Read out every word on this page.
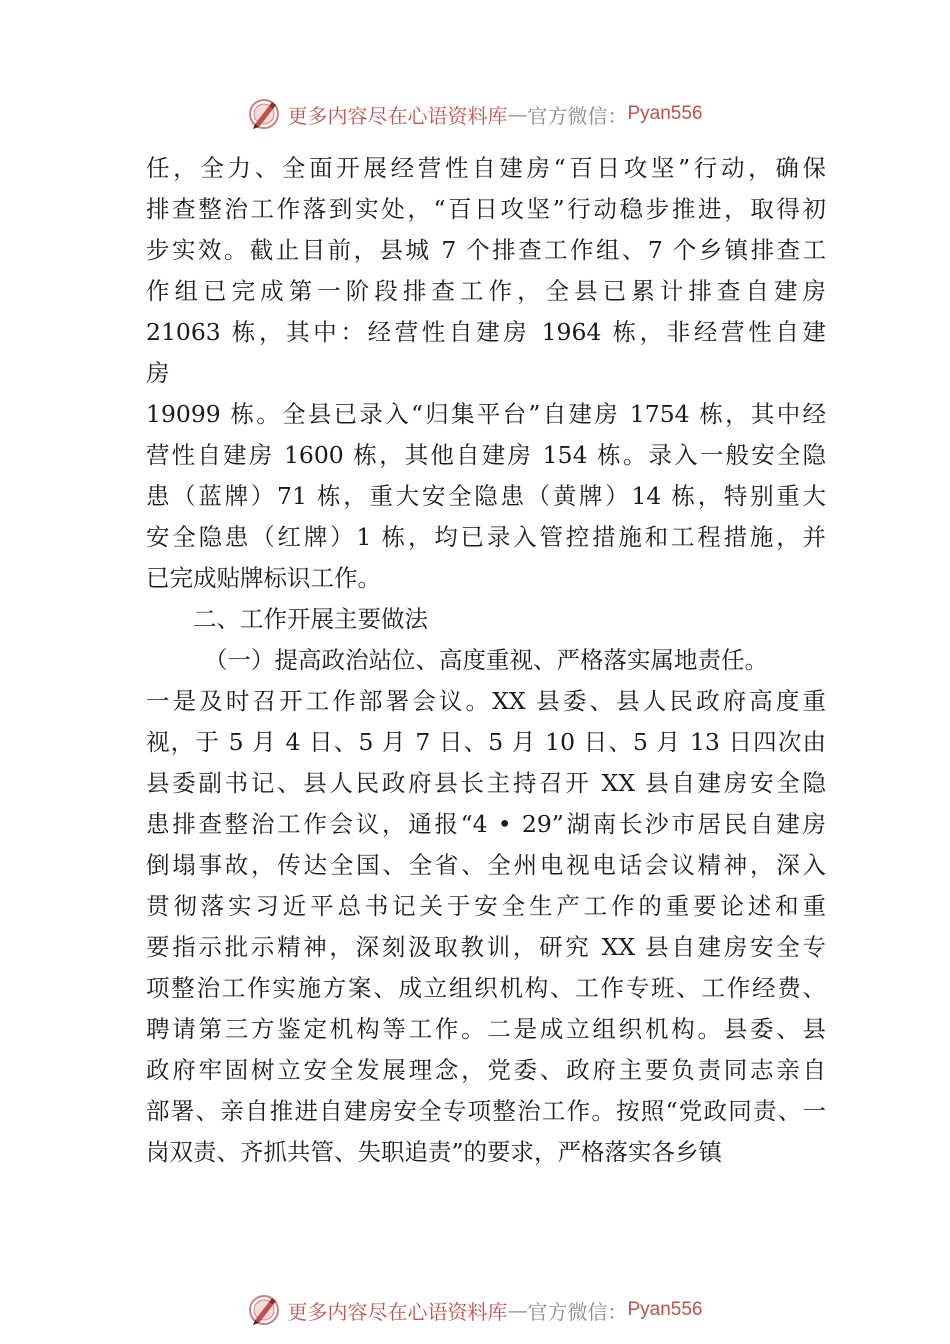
更多内容尽在心语资料库 — 官方微信： Pyan556
任，全力、全面开展经营性自建房“百日攻坚”行动，确保
排查整治工作落到实处，“百日攻坚”行动稳步推进，取得初
步实效。截止目前，县城 7 个排查工作组、7 个乡镇排查工
作组已完成第一阶段排查工作，全县已累计排查自建房
21063 栋，其中：经营性自建房 1964 栋，非经营性自建
房
19099 栋。全县已录入“归集平台”自建房 1754 栋，其中经
营性自建房 1600 栋，其他自建房 154 栋。录入一般安全隐
患（蓝牌）71 栋，重大安全隐患（黄牌）14 栋，特别重大
安全隐患（红牌）1 栋，均已录入管控措施和工程措施，并
已完成贴牌标识工作。
二、工作开展主要做法
（一）提高政治站位、高度重视、严格落实属地责任。
一是及时召开工作部署会议。XX 县委、县人民政府高度重
视，于 5 月 4 日、5 月 7 日、5 月 10 日、5 月 13 日四次由
县委副书记、县人民政府县长主持召开 XX 县自建房安全隐
患排查整治工作会议，通报“4 • 29”湖南长沙市居民自建房
倒塌事故，传达全国、全省、全州电视电话会议精神，深入
贯彻落实习近平总书记关于安全生产工作的重要论述和重
要指示批示精神，深刻汲取教训，研究 XX 县自建房安全专
项整治工作实施方案、成立组织机构、工作专班、工作经费、
聘请第三方鉴定机构等工作。二是成立组织机构。县委、县
政府牢固树立安全发展理念，党委、政府主要负责同志亲自
部署、亲自推进自建房安全专项整治工作。按照“党政同责、一
岗双责、齐抓共管、失职追责”的要求，严格落实各乡镇
更多内容尽在心语资料库 — 官方微信： Pyan556
